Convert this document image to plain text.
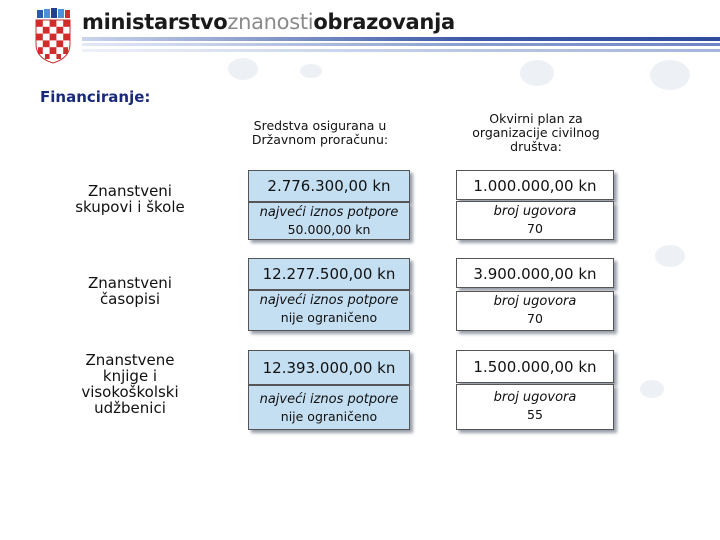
ministarstvoznanostiobrazovanja
Financiranje:
Sredstva osigurana u Državnom proračunu:
Okvirni plan za organizacije civilnog društva:
Znanstveni skupovi i škole
2.776.300,00 kn
najveći iznos potpore
50.000,00 kn
1.000.000,00 kn
broj ugovora
70
Znanstveni časopisi
12.277.500,00 kn
najveći iznos potpore
nije ograničeno
3.900.000,00 kn
broj ugovora
70
Znanstvene knjige i visokoškolski udžbenici
12.393.000,00 kn
najveći iznos potpore
nije ograničeno
1.500.000,00 kn
broj ugovora
55
